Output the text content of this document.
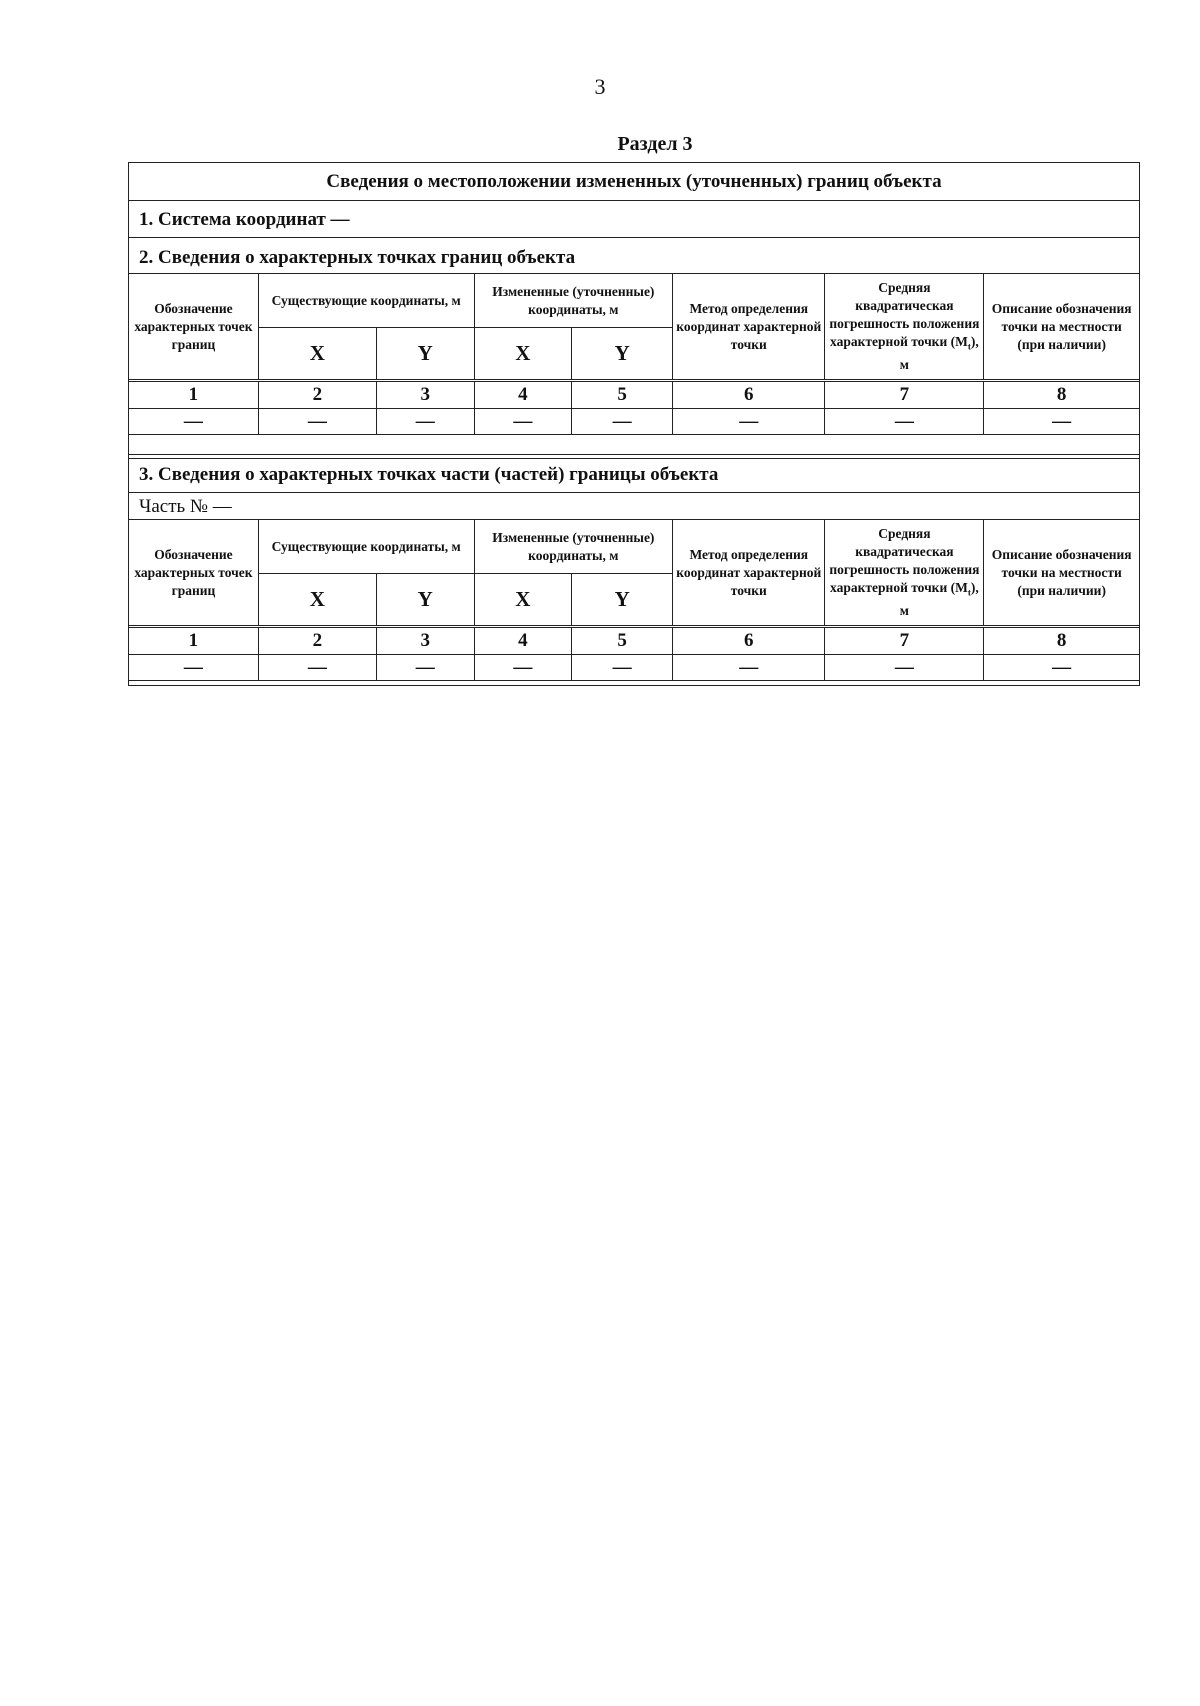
3
Раздел 3
Сведения о местоположении измененных (уточненных) границ объекта
1. Система координат —
2. Сведения о характерных точках границ объекта
Обозначение характерных точек границ	Существующие координаты, м		Измененные (уточненные) координаты, м		Метод определения координат характерной точки	Средняя квадратическая погрешность положения характерной точки $(M_t)$, м	Описание обозначения точки на местности (при наличии)
	X	Y	X	Y			
1	2	3	4	5	6	7	8
—	—	—	—	—	—	—	—
3. Сведения о характерных точках части (частей) границы объекта
Часть № —
Обозначение характерных точек границ	Существующие координаты, м		Измененные (уточненные) координаты, м		Метод определения координат характерной точки	Средняя квадратическая погрешность положения характерной точки $(M_t)$, м	Описание обозначения точки на местности (при наличии)
	X	Y	X	Y			
1	2	3	4	5	6	7	8
—	—	—	—	—	—	—	—
